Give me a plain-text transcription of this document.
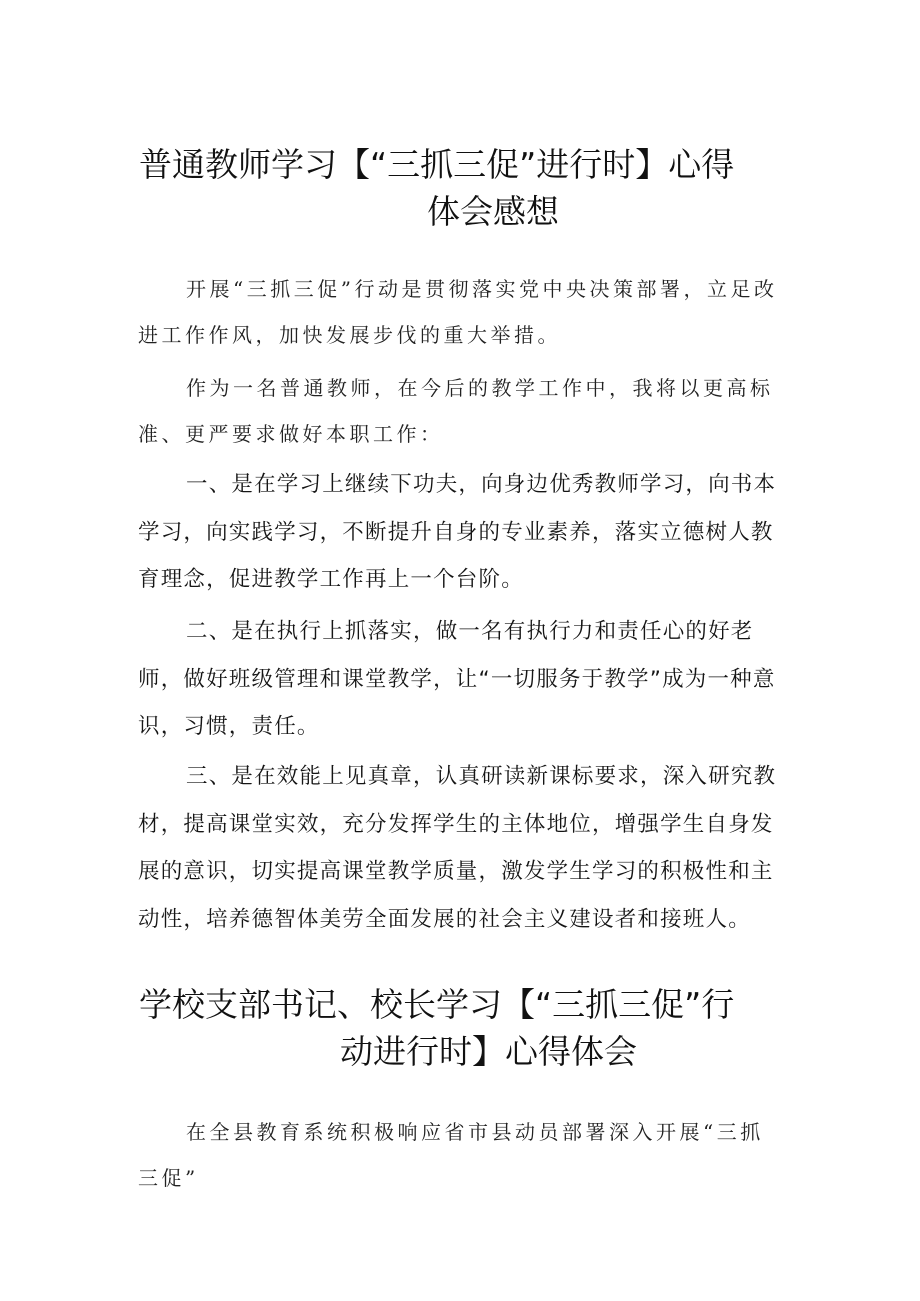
普通教师学习【“三抓三促”进行时】心得
体会感想

开展“三抓三促”行动是贯彻落实党中央决策部署，立足改进工作作风，加快发展步伐的重大举措。

作为一名普通教师，在今后的教学工作中，我将以更高标准、更严要求做好本职工作：

一、是在学习上继续下功夫，向身边优秀教师学习，向书本学习，向实践学习，不断提升自身的专业素养，落实立德树人教育理念，促进教学工作再上一个台阶。

二、是在执行上抓落实，做一名有执行力和责任心的好老师，做好班级管理和课堂教学，让“一切服务于教学”成为一种意识，习惯，责任。

三、是在效能上见真章，认真研读新课标要求，深入研究教材，提高课堂实效，充分发挥学生的主体地位，增强学生自身发展的意识，切实提高课堂教学质量，激发学生学习的积极性和主动性，培养德智体美劳全面发展的社会主义建设者和接班人。

学校支部书记、校长学习【“三抓三促”行
动进行时】心得体会

在全县教育系统积极响应省市县动员部署深入开展“三抓三促”
